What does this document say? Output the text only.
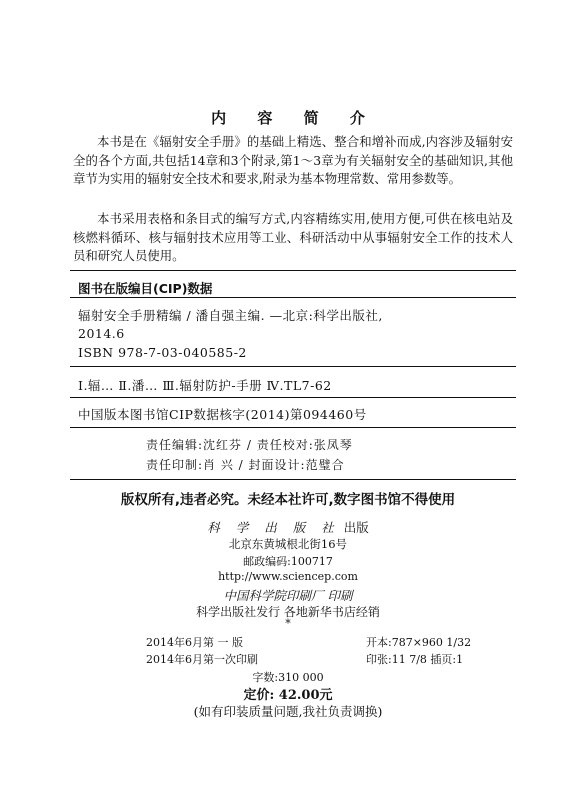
内 容 简 介

本书是在《辐射安全手册》的基础上精选、整合和增补而成,内容涉及辐射安全的各个方面,共包括14章和3个附录,第1～3章为有关辐射安全的基础知识,其他章节为实用的辐射安全技术和要求,附录为基本物理常数、常用参数等。

本书采用表格和条目式的编写方式,内容精练实用,使用方便,可供在核电站及核燃料循环、核与辐射技术应用等工业、科研活动中从事辐射安全工作的技术人员和研究人员使用。

图书在版编目(CIP)数据
辐射安全手册精编 / 潘自强主编. —北京:科学出版社,
2014.6
ISBN 978-7-03-040585-2
Ⅰ.辐… Ⅱ.潘… Ⅲ.辐射防护-手册 Ⅳ.TL7-62
中国版本图书馆CIP数据核字(2014)第094460号
责任编辑:沈红芬 / 责任校对:张凤琴
责任印制:肖 兴 / 封面设计:范璧合
版权所有,违者必究。未经本社许可,数字图书馆不得使用
科 学 出 版 社 出版
北京东黄城根北街16号
邮政编码:100717
http://www.sciencep.com
中国科学院印刷厂 印刷
科学出版社发行 各地新华书店经销
*
2014年6月第 一 版	开本:787×960 1/32
2014年6月第一次印刷	印张:11 7/8 插页:1
字数:310 000
定价: 42.00元
(如有印装质量问题,我社负责调换)
